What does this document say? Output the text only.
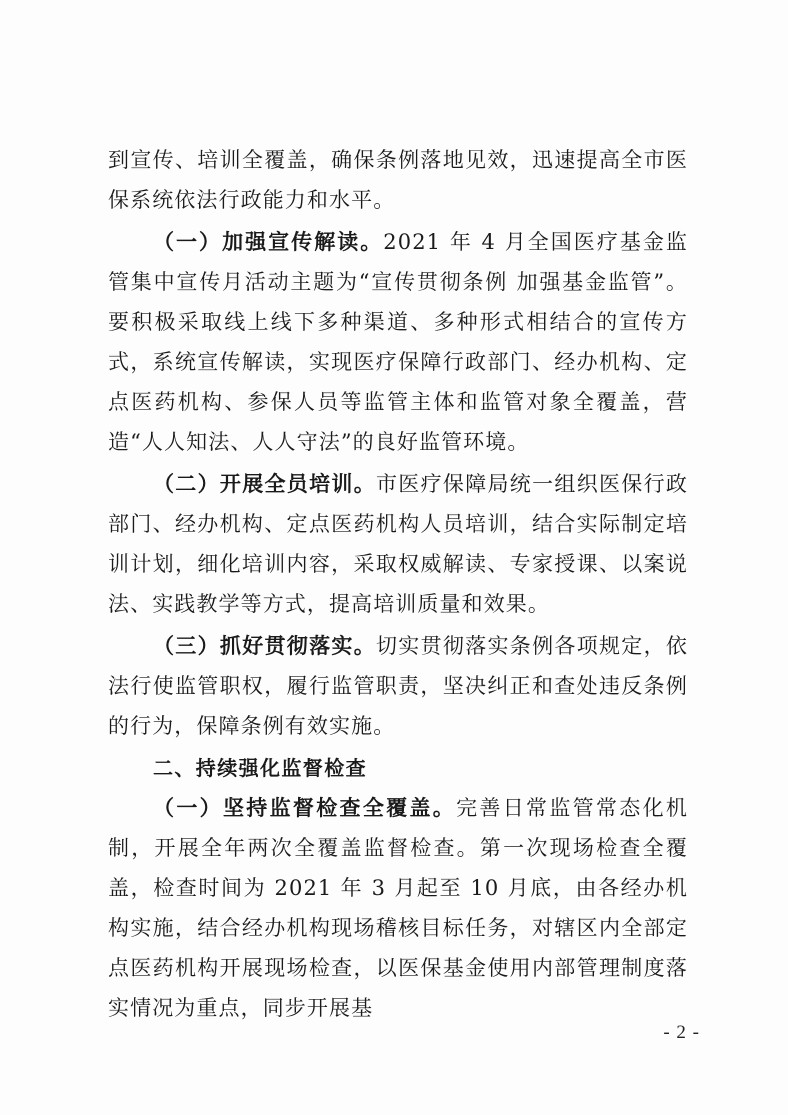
到宣传、培训全覆盖，确保条例落地见效，迅速提高全市医保系统依法行政能力和水平。

（一）加强宣传解读。2021 年 4 月全国医疗基金监管集中宣传月活动主题为“宣传贯彻条例 加强基金监管”。要积极采取线上线下多种渠道、多种形式相结合的宣传方式，系统宣传解读，实现医疗保障行政部门、经办机构、定点医药机构、参保人员等监管主体和监管对象全覆盖，营造“人人知法、人人守法”的良好监管环境。

（二）开展全员培训。市医疗保障局统一组织医保行政部门、经办机构、定点医药机构人员培训，结合实际制定培训计划，细化培训内容，采取权威解读、专家授课、以案说法、实践教学等方式，提高培训质量和效果。

（三）抓好贯彻落实。切实贯彻落实条例各项规定，依法行使监管职权，履行监管职责，坚决纠正和查处违反条例的行为，保障条例有效实施。

二、持续强化监督检查

（一）坚持监督检查全覆盖。完善日常监管常态化机制，开展全年两次全覆盖监督检查。第一次现场检查全覆盖，检查时间为 2021 年 3 月起至 10 月底，由各经办机构实施，结合经办机构现场稽核目标任务，对辖区内全部定点医药机构开展现场检查，以医保基金使用内部管理制度落实情况为重点，同步开展基

- 2 -
